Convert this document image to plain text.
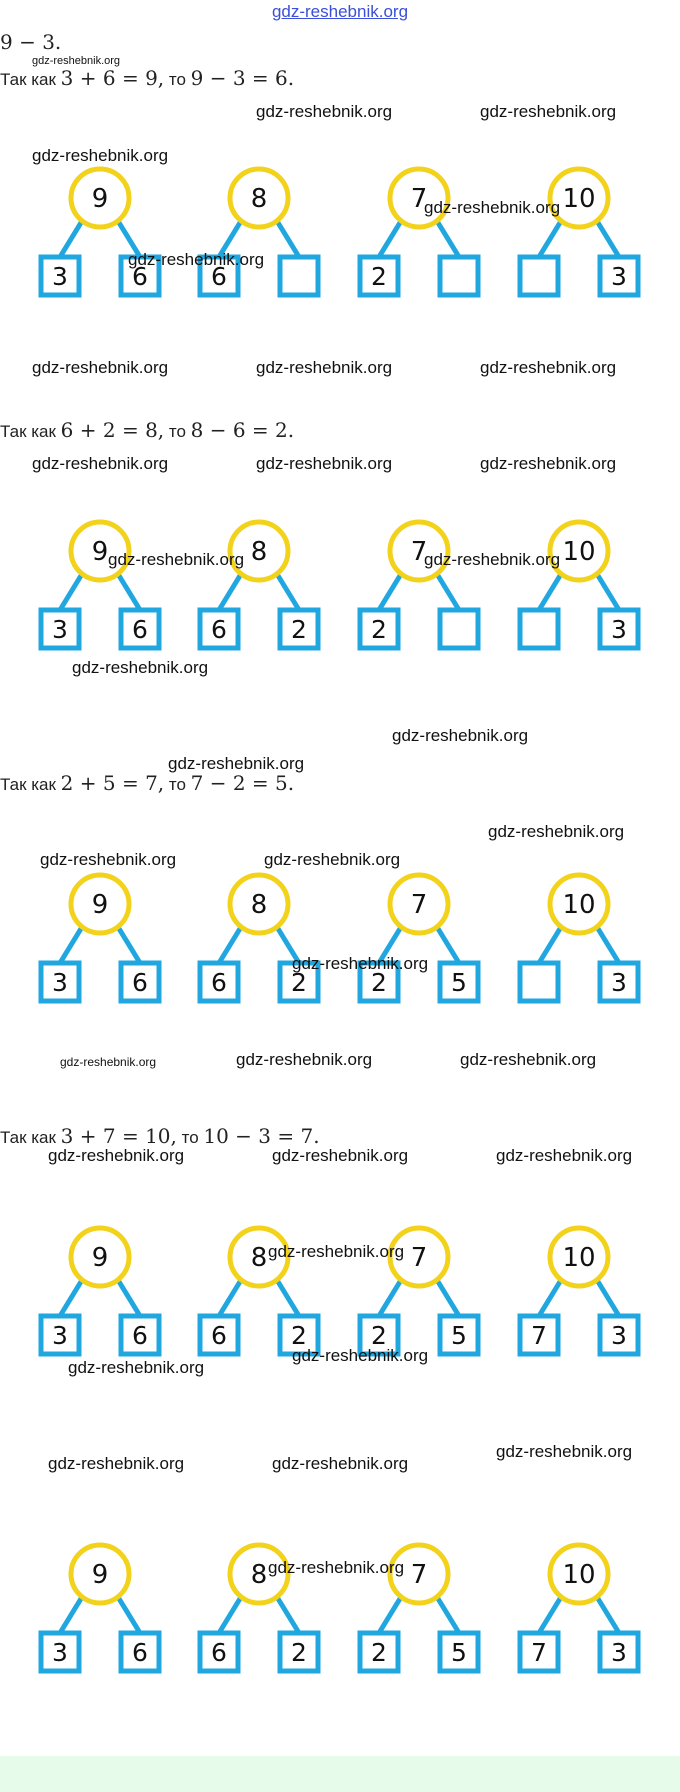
gdz-reshebnik.org
9 − 3.
Так как 3 + 6 = 9, то 9 − 3 = 6.
Так как 6 + 2 = 8, то 8 − 6 = 2.
Так как 2 + 5 = 7, то 7 − 2 = 5.
Так как 3 + 7 = 10, то 10 − 3 = 7.
9
3	6
8
6
7
2
10
3
9
3	6
8
6	2
7
2
10
3
9
3	6
8
6	2
7
2	5
10
3
9
3	6
8
6	2
7
2	5
10
7	3
9
3	6
8
6	2
7
2	5
10
7	3
gdz-reshebnik.org
gdz-reshebnik.org	gdz-reshebnik.org
gdz-reshebnik.org
gdz-reshebnik.org
gdz-reshebnik.org
gdz-reshebnik.org	gdz-reshebnik.org	gdz-reshebnik.org
gdz-reshebnik.org	gdz-reshebnik.org	gdz-reshebnik.org
gdz-reshebnik.org	gdz-reshebnik.org
gdz-reshebnik.org
gdz-reshebnik.org
gdz-reshebnik.org
gdz-reshebnik.org
gdz-reshebnik.org	gdz-reshebnik.org
gdz-reshebnik.org
gdz-reshebnik.org	gdz-reshebnik.org	gdz-reshebnik.org
gdz-reshebnik.org	gdz-reshebnik.org	gdz-reshebnik.org
gdz-reshebnik.org
gdz-reshebnik.org
gdz-reshebnik.org
gdz-reshebnik.org	gdz-reshebnik.org
gdz-reshebnik.org
gdz-reshebnik.org
